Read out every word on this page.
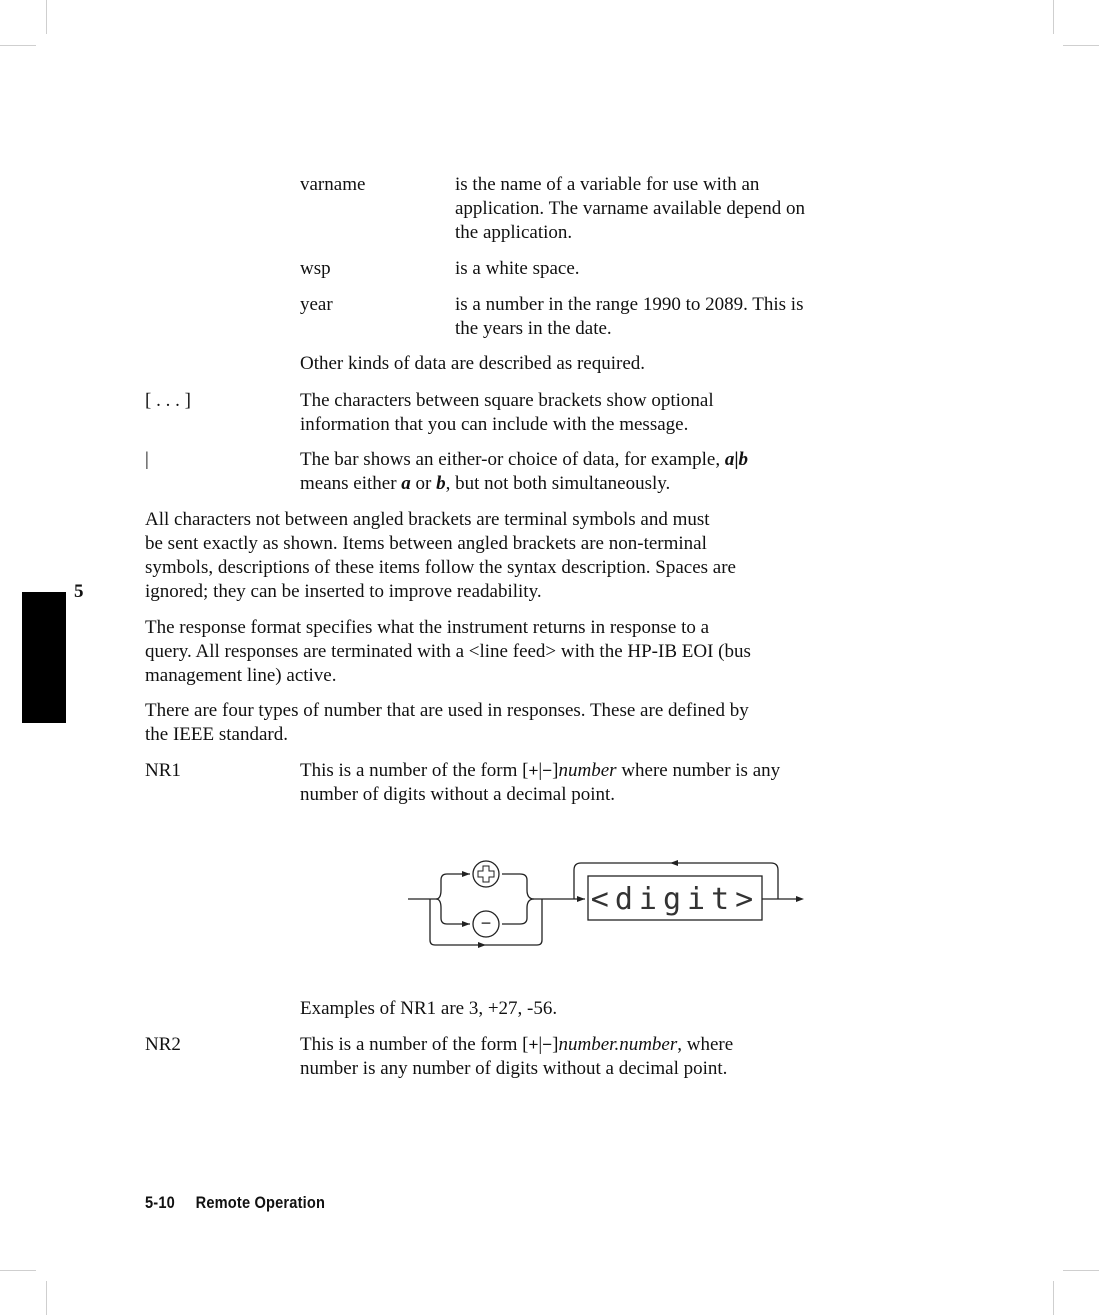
varname	is the name of a variable for use with an
application. The varname available depend on
the application.
wsp	is a white space.
year	is a number in the range 1990 to 2089. This is
the years in the date.
Other kinds of data are described as required.
[ . . . ]	The characters between square brackets show optional
information that you can include with the message.
|	The bar shows an either-or choice of data, for example, a|b
means either a or b, but not both simultaneously.
All characters not between angled brackets are terminal symbols and must
be sent exactly as shown. Items between angled brackets are non-terminal
symbols, descriptions of these items follow the syntax description. Spaces are
ignored; they can be inserted to improve readability.
5
The response format specifies what the instrument returns in response to a
query. All responses are terminated with a <line feed> with the HP-IB EOI (bus
management line) active.
There are four types of number that are used in responses. These are defined by
the IEEE standard.
NR1	This is a number of the form [+|−]number where number is any
number of digits without a decimal point.
−
<digit>
Examples of NR1 are 3, +27, -56.
NR2	This is a number of the form [+|−]number.number, where
number is any number of digits without a decimal point.
5-10 Remote Operation
